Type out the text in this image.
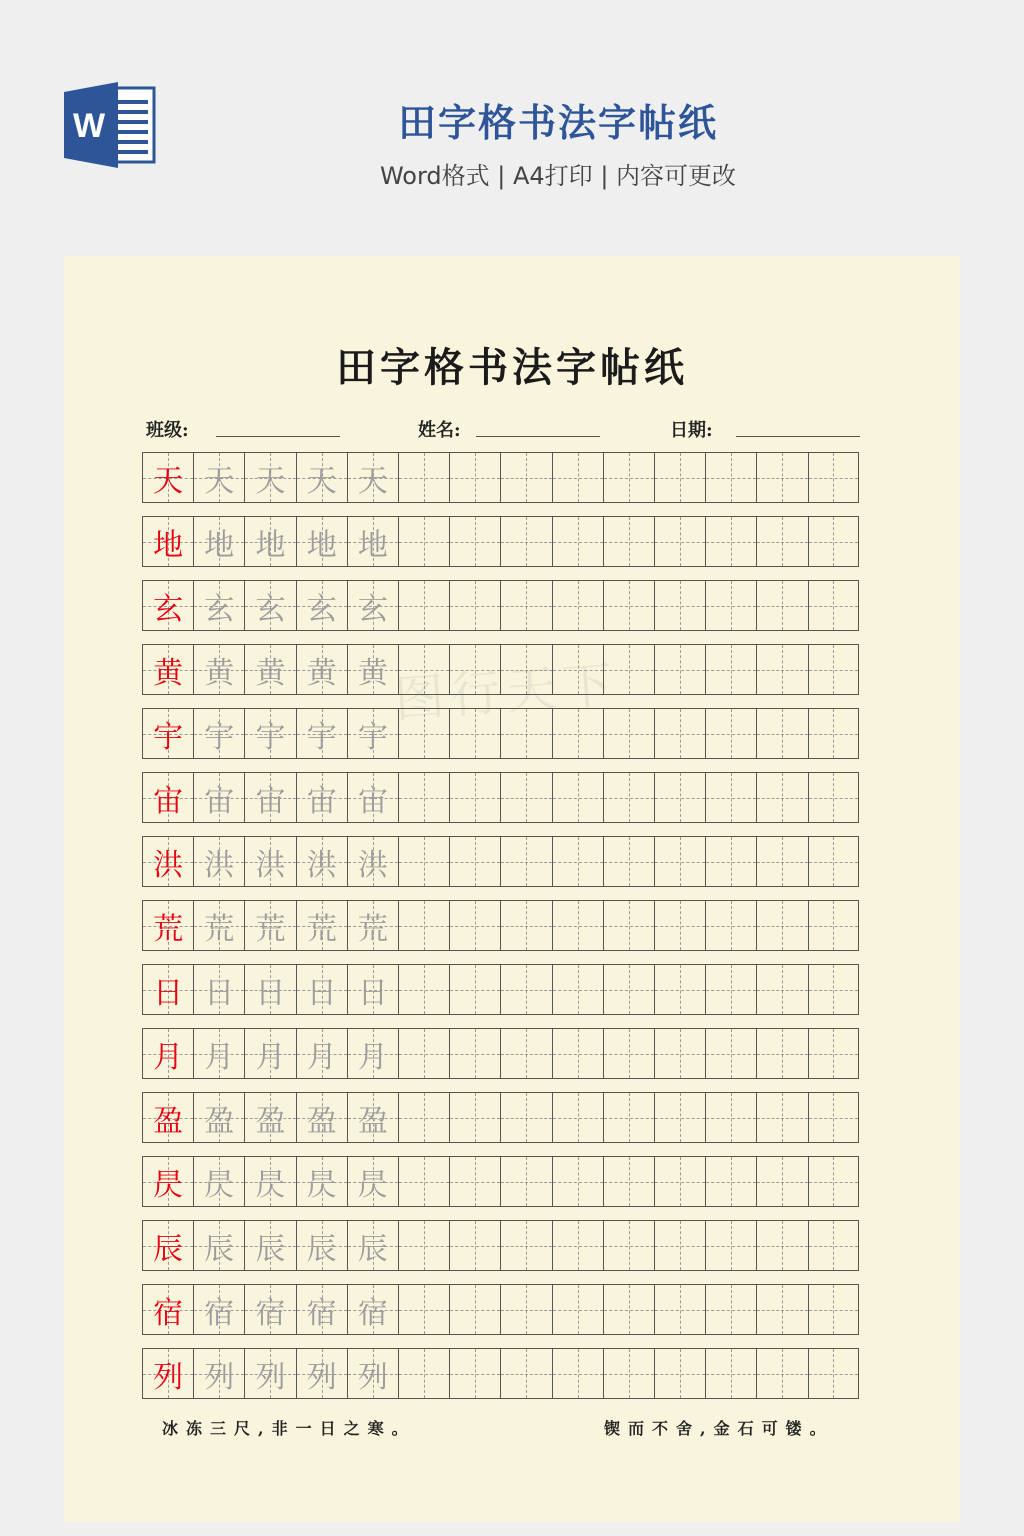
W	田字格书法字帖纸
Word格式 | A4打印 | 内容可更改
田字格书法字帖纸
班级:	姓名:	日期:
天 天 天 天 天
地 地 地 地 地
玄 玄 玄 玄 玄
黄 黄 黄 黄 黄
宇 宇 宇 宇 宇
宙 宙 宙 宙 宙
洪 洪 洪 洪 洪
荒 荒 荒 荒 荒
日 日 日 日 日
月 月 月 月 月
盈 盈 盈 盈 盈
昃 昃 昃 昃 昃
辰 辰 辰 辰 辰
宿 宿 宿 宿 宿
列 列 列 列 列
图行天下
冰冻三尺,非一日之寒。	锲而不舍,金石可镂。
